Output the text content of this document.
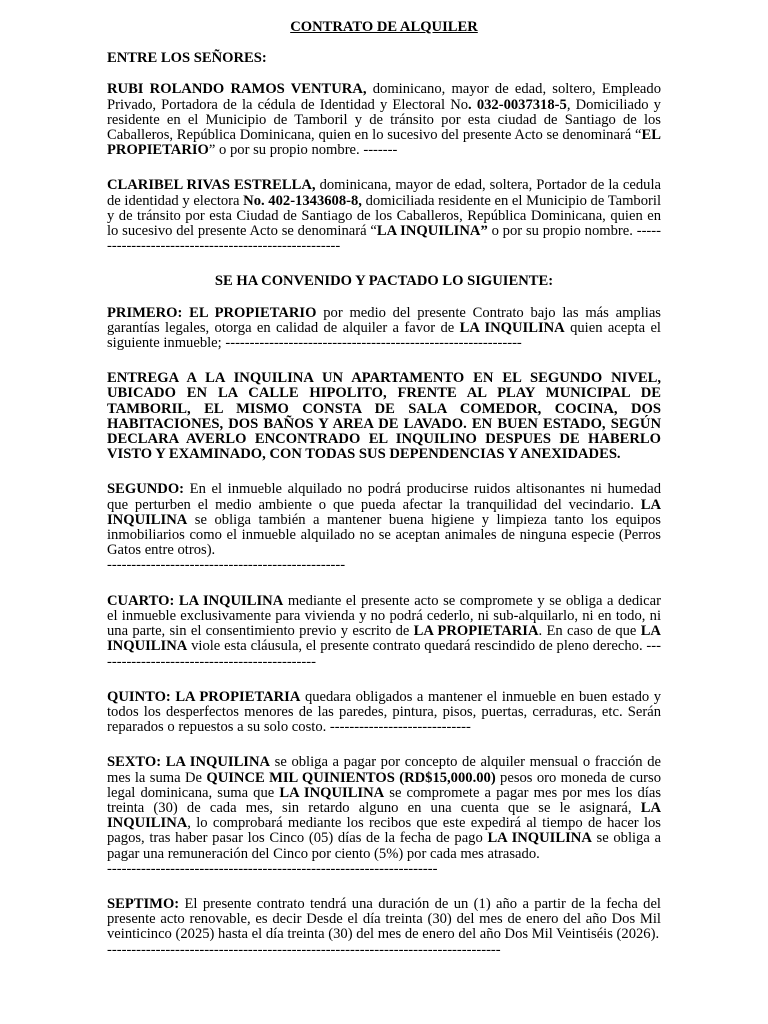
CONTRATO DE ALQUILER

ENTRE LOS SEÑORES:

RUBI ROLANDO RAMOS VENTURA, dominicano, mayor de edad, soltero, Empleado Privado, Portadora de la cédula de Identidad y Electoral No. 032-0037318-5, Domiciliado y residente en el Municipio de Tamboril y de tránsito por esta ciudad de Santiago de los Caballeros, República Dominicana, quien en lo sucesivo del presente Acto se denominará “EL PROPIETARIO” o por su propio nombre. -------

CLARIBEL RIVAS ESTRELLA, dominicana, mayor de edad, soltera, Portador de la cedula de identidad y electora No. 402-1343608-8, domiciliada residente en el Municipio de Tamboril y de tránsito por esta Ciudad de Santiago de los Caballeros, República Dominicana, quien en lo sucesivo del presente Acto se denominará “LA INQUILINA” o por su propio nombre. -----------------------------------------------------

SE HA CONVENIDO Y PACTADO LO SIGUIENTE:

PRIMERO: EL PROPIETARIO por medio del presente Contrato bajo las más amplias garantías legales, otorga en calidad de alquiler a favor de LA INQUILINA quien acepta el siguiente inmueble; -------------------------------------------------------------

ENTREGA A LA INQUILINA UN APARTAMENTO EN EL SEGUNDO NIVEL, UBICADO EN LA CALLE HIPOLITO, FRENTE AL PLAY MUNICIPAL DE TAMBORIL, EL MISMO CONSTA DE SALA COMEDOR, COCINA, DOS HABITACIONES, DOS BAÑOS Y AREA DE LAVADO. EN BUEN ESTADO, SEGÚN DECLARA AVERLO ENCONTRADO EL INQUILINO DESPUES DE HABERLO VISTO Y EXAMINADO, CON TODAS SUS DEPENDENCIAS Y ANEXIDADES.

SEGUNDO: En el inmueble alquilado no podrá producirse ruidos altisonantes ni humedad que perturben el medio ambiente o que pueda afectar la tranquilidad del vecindario. LA INQUILINA se obliga también a mantener buena higiene y limpieza tanto los equipos inmobiliarios como el inmueble alquilado no se aceptan animales de ninguna especie (Perros Gatos entre otros).
-------------------------------------------------

CUARTO: LA INQUILINA mediante el presente acto se compromete y se obliga a dedicar el inmueble exclusivamente para vivienda y no podrá cederlo, ni sub-alquilarlo, ni en todo, ni una parte, sin el consentimiento previo y escrito de LA PROPIETARIA. En caso de que LA INQUILINA viole esta cláusula, el presente contrato quedará rescindido de pleno derecho. ----------------------------------------------

QUINTO: LA PROPIETARIA quedara obligados a mantener el inmueble en buen estado y todos los desperfectos menores de las paredes, pintura, pisos, puertas, cerraduras, etc. Serán reparados o repuestos a su solo costo. -----------------------------

SEXTO: LA INQUILINA se obliga a pagar por concepto de alquiler mensual o fracción de mes la suma De QUINCE MIL QUINIENTOS (RD$15,000.00) pesos oro moneda de curso legal dominicana, suma que LA INQUILINA se compromete a pagar mes por mes los días treinta (30) de cada mes, sin retardo alguno en una cuenta que se le asignará, LA INQUILINA, lo comprobará mediante los recibos que este expedirá al tiempo de hacer los pagos, tras haber pasar los Cinco (05) días de la fecha de pago LA INQUILINA se obliga a pagar una remuneración del Cinco por ciento (5%) por cada mes atrasado.
--------------------------------------------------------------------

SEPTIMO: El presente contrato tendrá una duración de un (1) año a partir de la fecha del presente acto renovable, es decir Desde el día treinta (30) del mes de enero del año Dos Mil veinticinco (2025) hasta el día treinta (30) del mes de enero del año Dos Mil Veintiséis (2026).
---------------------------------------------------------------------------------
